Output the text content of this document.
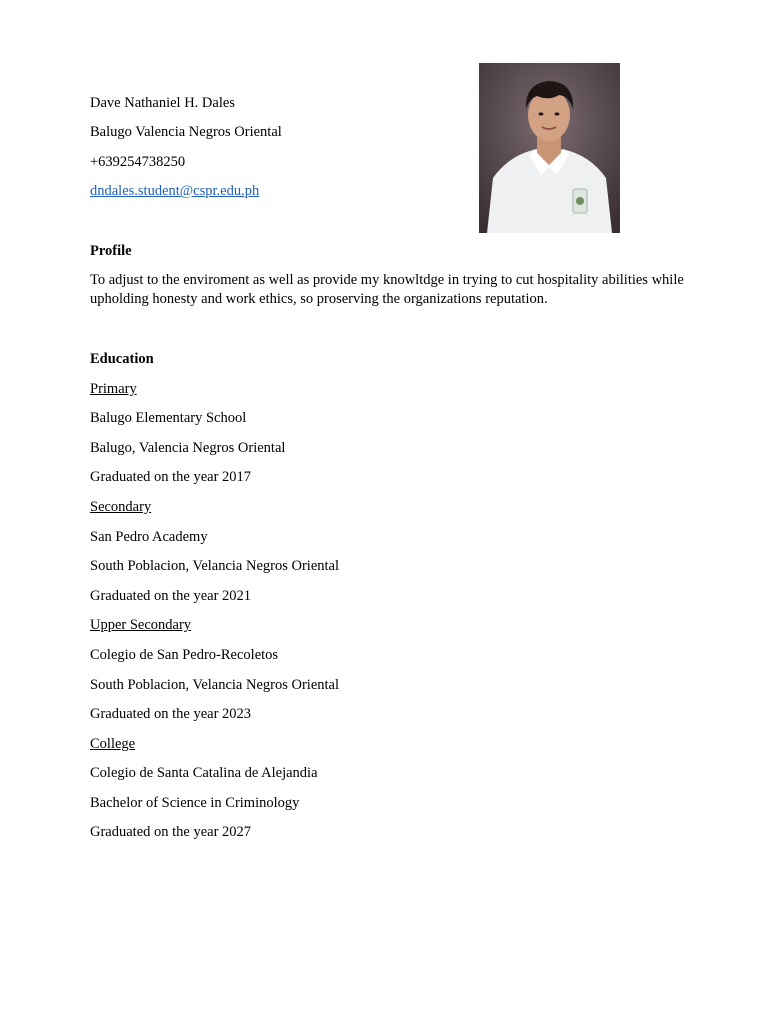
Dave Nathaniel H. Dales
Balugo Valencia Negros Oriental
+639254738250
dndales.student@cspr.edu.ph
Profile
To adjust to the enviroment as well as provide my knowltdge in trying to cut hospitality abilities while upholding honesty and work ethics, so proserving the organizations reputation.
Education
Primary
Balugo Elementary School
Balugo, Valencia Negros Oriental
Graduated on the year 2017
Secondary
San Pedro Academy
South Poblacion, Velancia Negros Oriental
Graduated on the year 2021
Upper Secondary
Colegio de San Pedro-Recoletos
South Poblacion, Velancia Negros Oriental
Graduated on the year 2023
College
Colegio de Santa Catalina de Alejandia
Bachelor of Science in Criminology
Graduated on the year 2027
